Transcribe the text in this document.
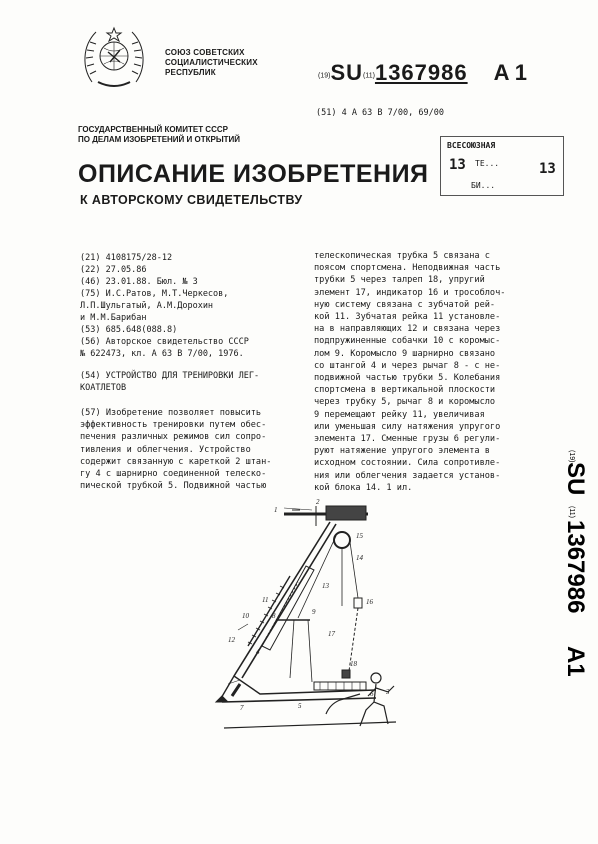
СОЮЗ СОВЕТСКИХ
СОЦИАЛИСТИЧЕСКИХ
РЕСПУБЛИК	(19)SU(11)1367986 A 1
(51) 4 A 63 B 7/00, 69/00
ГОСУДАРСТВЕННЫЙ КОМИТЕТ СССР
ПО ДЕЛАМ ИЗОБРЕТЕНИЙ И ОТКРЫТИЙ
ВСЕСОЮЗНАЯ
13 ТЕ...
БИ...
13
ОПИСАНИЕ ИЗОБРЕТЕНИЯ
К АВТОРСКОМУ СВИДЕТЕЛЬСТВУ
(21) 4108175/28-12
(22) 27.05.86
(46) 23.01.88. Бюл. № 3
(75) И.С.Ратов, М.Т.Черкесов,
Л.П.Шульгатый, А.М.Дорохин
и М.М.Барибан
(53) 685.648(088.8)
(56) Авторское свидетельство СССР
№ 622473, кл. А 63 В 7/00, 1976.
(54) УСТРОЙСТВО ДЛЯ ТРЕНИРОВКИ ЛЕГ-
КОАТЛЕТОВ
(57) Изобретение позволяет повысить
эффективность тренировки путем обес-
печения различных режимов сил сопро-
тивления и облегчения. Устройство
содержит связанную с кареткой 2 штан-
гу 4 с шарнирно соединенной телеско-
пической трубкой 5. Подвижной частью
телескопическая трубка 5 связана с
поясом спортсмена. Неподвижная часть
трубки 5 через талреп 18, упругий
элемент 17, индикатор 16 и трособлоч-
ную систему связана с зубчатой рей-
кой 11. Зубчатая рейка 11 установле-
на в направляющих 12 и связана через
подпружиненные собачки 10 с коромыс-
лом 9. Коромысло 9 шарнирно связано
со штангой 4 и через рычаг 8 - с не-
подвижной частью трубки 5. Колебания
спортсмена в вертикальной плоскости
через трубку 5, рычаг 8 и коромысло
9 перемещают рейку 11, увеличивая
или уменьшая силу натяжения упругого
элемента 17. Сменные грузы 6 регули-
руют натяжение упругого элемента в
исходном состоянии. Сила сопротивле-
ния или облегчения задается установ-
кой блока 14. 1 ил.
(19)
SU
(11)
1367986
A1
1
2
3
4
5
6
7
8	9
10
11
12
13
14
15
16
17
18
